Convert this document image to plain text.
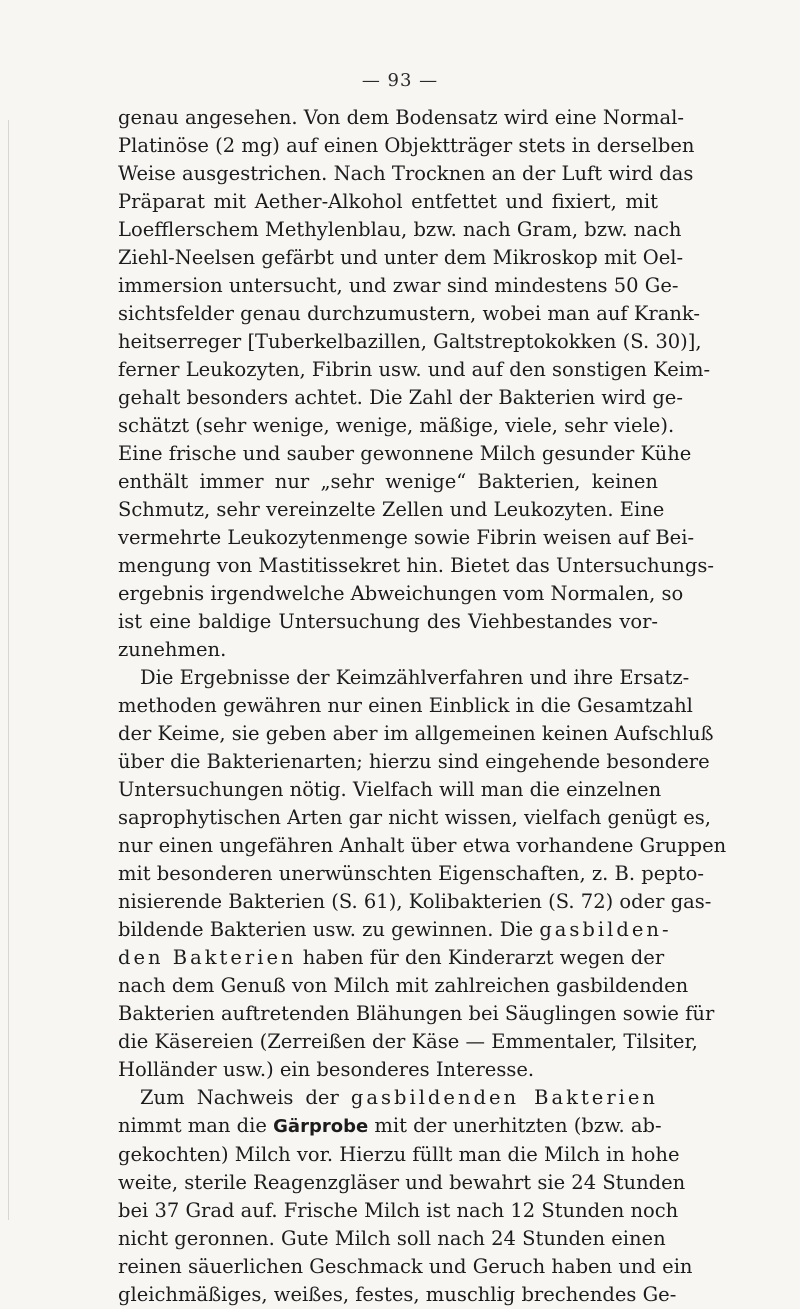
— 93 —
genau angesehen. Von dem Bodensatz wird eine Normal-
Platinöse (2 mg) auf einen Objektträger stets in derselben
Weise ausgestrichen. Nach Trocknen an der Luft wird das
Präparat mit Aether-Alkohol entfettet und fixiert, mit
Loefflerschem Methylenblau, bzw. nach Gram, bzw. nach
Ziehl-Neelsen gefärbt und unter dem Mikroskop mit Oel-
immersion untersucht, und zwar sind mindestens 50 Ge-
sichtsfelder genau durchzumustern, wobei man auf Krank-
heitserreger [Tuberkelbazillen, Galtstreptokokken (S. 30)],
ferner Leukozyten, Fibrin usw. und auf den sonstigen Keim-
gehalt besonders achtet. Die Zahl der Bakterien wird ge-
schätzt (sehr wenige, wenige, mäßige, viele, sehr viele).
Eine frische und sauber gewonnene Milch gesunder Kühe
enthält immer nur „sehr wenige“ Bakterien, keinen
Schmutz, sehr vereinzelte Zellen und Leukozyten. Eine
vermehrte Leukozytenmenge sowie Fibrin weisen auf Bei-
mengung von Mastitissekret hin. Bietet das Untersuchungs-
ergebnis irgendwelche Abweichungen vom Normalen, so
ist eine baldige Untersuchung des Viehbestandes vor-
zunehmen.
Die Ergebnisse der Keimzählverfahren und ihre Ersatz-
methoden gewähren nur einen Einblick in die Gesamtzahl
der Keime, sie geben aber im allgemeinen keinen Aufschluß
über die Bakterienarten; hierzu sind eingehende besondere
Untersuchungen nötig. Vielfach will man die einzelnen
saprophytischen Arten gar nicht wissen, vielfach genügt es,
nur einen ungefähren Anhalt über etwa vorhandene Gruppen
mit besonderen unerwünschten Eigenschaften, z. B. pepto-
nisierende Bakterien (S. 61), Kolibakterien (S. 72) oder gas-
bildende Bakterien usw. zu gewinnen. Die gasbilden-
den Bakterien haben für den Kinderarzt wegen der
nach dem Genuß von Milch mit zahlreichen gasbildenden
Bakterien auftretenden Blähungen bei Säuglingen sowie für
die Käsereien (Zerreißen der Käse — Emmentaler, Tilsiter,
Holländer usw.) ein besonderes Interesse.
Zum Nachweis der gasbildenden Bakterien
nimmt man die Gärprobe mit der unerhitzten (bzw. ab-
gekochten) Milch vor. Hierzu füllt man die Milch in hohe
weite, sterile Reagenzgläser und bewahrt sie 24 Stunden
bei 37 Grad auf. Frische Milch ist nach 12 Stunden noch
nicht geronnen. Gute Milch soll nach 24 Stunden einen
reinen säuerlichen Geschmack und Geruch haben und ein
gleichmäßiges, weißes, festes, muschlig brechendes Ge-
